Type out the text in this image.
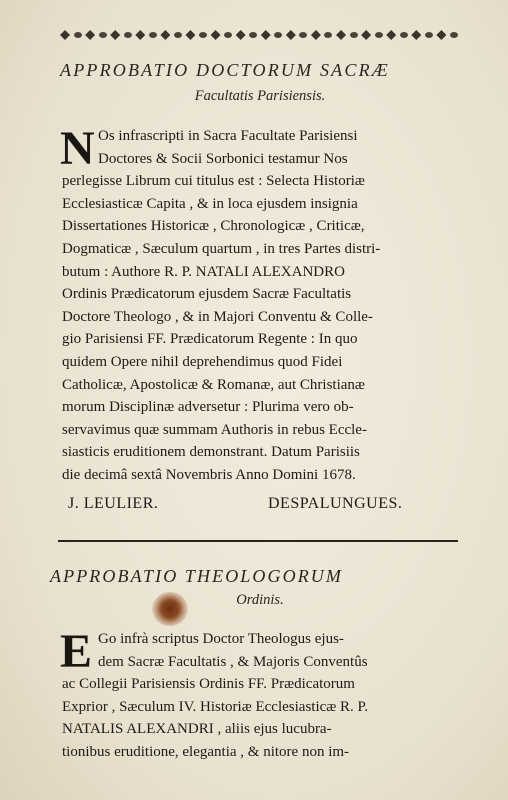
APPROBATIO DOCTORUM SACRÆ
Facultatis Parisiensis.
N Os infrascripti in Sacra Facultate Parisiensi
Doctores & Socii Sorbonici testamur Nos
perlegisse Librum cui titulus est : Selecta Historiæ
Ecclesiasticæ Capita , & in loca ejusdem insignia
Dissertationes Historicæ , Chronologicæ , Criticæ,
Dogmaticæ , Sæculum quartum , in tres Partes distri-
butum : Authore R. P. NATALI ALEXANDRO
Ordinis Prædicatorum ejusdem Sacræ Facultatis
Doctore Theologo , & in Majori Conventu & Colle-
gio Parisiensi FF. Prædicatorum Regente : In quo
quidem Opere nihil deprehendimus quod Fidei
Catholicæ, Apostolicæ & Romanæ, aut Christianæ
morum Disciplinæ adversetur : Plurima vero ob-
servavimus quæ summam Authoris in rebus Eccle-
siasticis eruditionem demonstrant. Datum Parisiis
die decimâ sextâ Novembris Anno Domini 1678.
J. LEULIER.	DESPALUNGUES.
APPROBATIO THEOLOGORUM
Ordinis.
E Go infrà scriptus Doctor Theologus ejus-
dem Sacræ Facultatis , & Majoris Conventûs
ac Collegii Parisiensis Ordinis FF. Prædicatorum
Exprior , Sæculum IV. Historiæ Ecclesiasticæ R. P.
NATALIS ALEXANDRI , aliis ejus lucubra-
tionibus eruditione, elegantia , & nitore non im-
